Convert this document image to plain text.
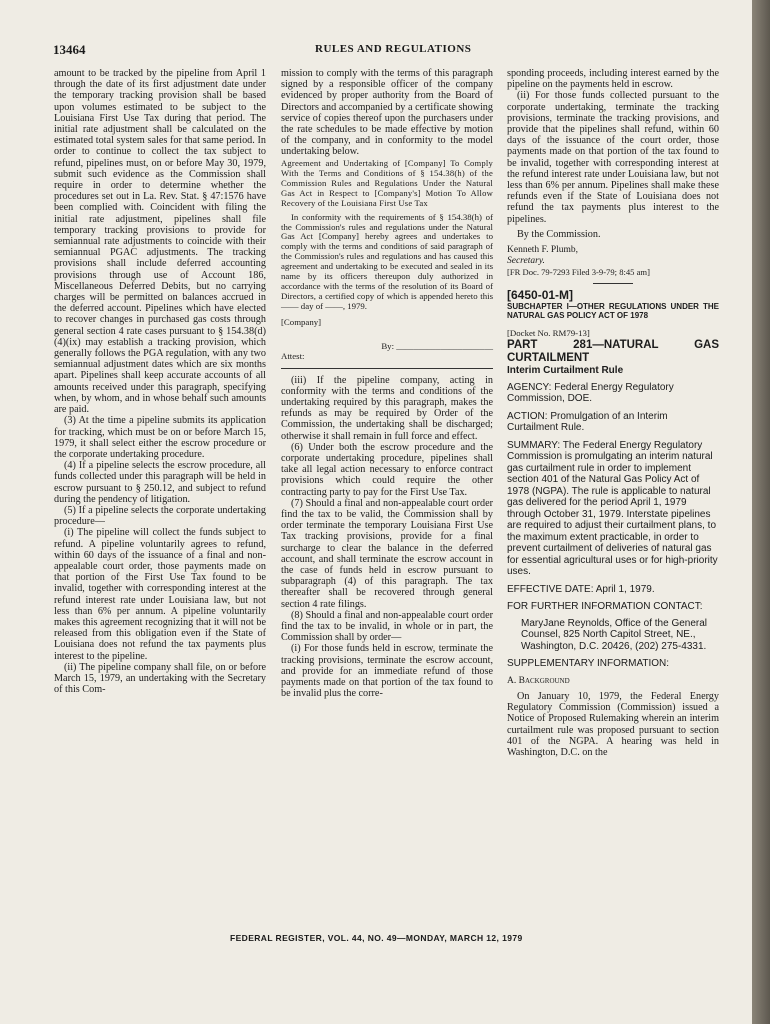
13464	RULES AND REGULATIONS

amount to be tracked by the pipeline from April 1 through the date of its first adjustment date under the temporary tracking provision shall be based upon volumes estimated to be subject to the Louisiana First Use Tax during that period. The initial rate adjustment shall be calculated on the estimated total system sales for that same period. In order to continue to collect the tax subject to refund, pipelines must, on or before May 30, 1979, submit such evidence as the Commission shall require in order to determine whether the procedures set out in La. Rev. Stat. § 47:1576 have been complied with. Coincident with filing the initial rate adjustment, pipelines shall file temporary tracking provisions to provide for semiannual rate adjustments to coincide with their semiannual PGAC adjustments. The tracking provisions shall include deferred accounting provisions through use of Account 186, Miscellaneous Deferred Debits, but no carrying charges will be permitted on balances accrued in the deferred account. Pipelines which have elected to recover changes in purchased gas costs through general section 4 rate cases pursuant to § 154.38(d)(4)(ix) may establish a tracking provision, which generally follows the PGA regulation, with any two semiannual adjustment dates which are six months apart. Pipelines shall keep accurate accounts of all amounts received under this paragraph, specifying when, by whom, and in whose behalf such amounts are paid.

(3) At the time a pipeline submits its application for tracking, which must be on or before March 15, 1979, it shall select either the escrow procedure or the corporate undertaking procedure.

(4) If a pipeline selects the escrow procedure, all funds collected under this paragraph will be held in escrow pursuant to § 250.12, and subject to refund during the pendency of litigation.

(5) If a pipeline selects the corporate undertaking procedure—

(i) The pipeline will collect the funds subject to refund. A pipeline voluntarily agrees to refund, within 60 days of the issuance of a final and non-appealable court order, those payments made on that portion of the First Use Tax found to be invalid, together with corresponding interest at the refund interest rate under Louisiana law, but not less than 6% per annum. A pipeline voluntarily makes this agreement recognizing that it will not be released from this obligation even if the State of Louisiana does not refund the tax payments plus interest to the pipeline.

(ii) The pipeline company shall file, on or before March 15, 1979, an undertaking with the Secretary of this Com-

mission to comply with the terms of this paragraph signed by a responsible officer of the company evidenced by proper authority from the Board of Directors and accompanied by a certificate showing service of copies thereof upon the purchasers under the rate schedules to be made effective by motion of the company, and in conformity to the model undertaking below.

Agreement and Undertaking of [Company] To Comply With the Terms and Conditions of § 154.38(h) of the Commission Rules and Regulations Under the Natural Gas Act in Respect to [Company's] Motion To Allow Recovery of the Louisiana First Use Tax

In conformity with the requirements of § 154.38(h) of the Commission's rules and regulations under the Natural Gas Act [Company] hereby agrees and undertakes to comply with the terms and conditions of said paragraph of the Commission's rules and regulations and has caused this agreement and undertaking to be executed and sealed in its name by its officers thereupon duly authorized in accordance with the terms of the resolution of its Board of Directors, a certified copy of which is appended hereto this —— day of ——, 1979.

[Company]

Attest:
By: ______________________

(iii) If the pipeline company, acting in conformity with the terms and conditions of the undertaking required by this paragraph, makes the refunds as may be required by Order of the Commission, the undertaking shall be discharged; otherwise it shall remain in full force and effect.

(6) Under both the escrow procedure and the corporate undertaking procedure, pipelines shall take all legal action necessary to enforce contract provisions which could require the other contracting party to pay for the First Use Tax.

(7) Should a final and non-appealable court order find the tax to be valid, the Commission shall by order terminate the temporary Louisiana First Use Tax tracking provisions, provide for a final surcharge to clear the balance in the deferred account, and shall terminate the escrow account in the case of funds held in escrow pursuant to subparagraph (4) of this paragraph. The tax thereafter shall be recovered through general section 4 rate filings.

(8) Should a final and non-appealable court order find the tax to be invalid, in whole or in part, the Commission shall by order—

(i) For those funds held in escrow, terminate the tracking provisions, terminate the escrow account, and provide for an immediate refund of those payments made on that portion of the tax found to be invalid plus the corre-

sponding proceeds, including interest earned by the pipeline on the payments held in escrow.

(ii) For those funds collected pursuant to the corporate undertaking, terminate the tracking provisions, terminate the tracking provisions, and provide that the pipelines shall refund, within 60 days of the issuance of the court order, those payments made on that portion of the tax found to be invalid, together with corresponding interest at the refund interest rate under Louisiana law, but not less than 6% per annum. Pipelines shall make these refunds even if the State of Louisiana does not refund the tax payments plus interest to the pipelines.

By the Commission.

Kenneth F. Plumb,

Secretary.

[FR Doc. 79-7293 Filed 3-9-79; 8:45 am]

[6450-01-M]

SUBCHAPTER I—OTHER REGULATIONS UNDER THE NATURAL GAS POLICY ACT OF 1978

[Docket No. RM79-13]

PART 281—NATURAL GAS CURTAILMENT

Interim Curtailment Rule

AGENCY: Federal Energy Regulatory Commission, DOE.

ACTION: Promulgation of an Interim Curtailment Rule.

SUMMARY: The Federal Energy Regulatory Commission is promulgating an interim natural gas curtailment rule in order to implement section 401 of the Natural Gas Policy Act of 1978 (NGPA). The rule is applicable to natural gas delivered for the period April 1, 1979 through October 31, 1979. Interstate pipelines are required to adjust their curtailment plans, to the maximum extent practicable, in order to prevent curtailment of deliveries of natural gas for essential agricultural uses or for high-priority uses.

EFFECTIVE DATE: April 1, 1979.

FOR FURTHER INFORMATION CONTACT:

MaryJane Reynolds, Office of the General Counsel, 825 North Capitol Street, NE., Washington, D.C. 20426, (202) 275-4331.

SUPPLEMENTARY INFORMATION:

A. Background

On January 10, 1979, the Federal Energy Regulatory Commission (Commission) issued a Notice of Proposed Rulemaking wherein an interim curtailment rule was proposed pursuant to section 401 of the NGPA. A hearing was held in Washington, D.C. on the

FEDERAL REGISTER, VOL. 44, NO. 49—MONDAY, MARCH 12, 1979
